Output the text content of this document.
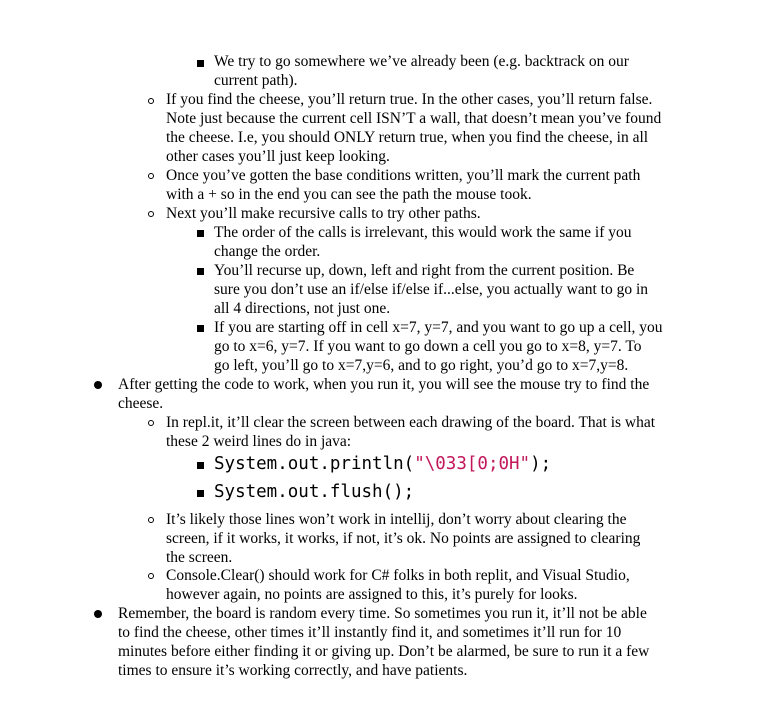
We try to go somewhere we’ve already been (e.g. backtrack on our
current path).
If you find the cheese, you’ll return true. In the other cases, you’ll return false.
Note just because the current cell ISN’T a wall, that doesn’t mean you’ve found
the cheese. I.e, you should ONLY return true, when you find the cheese, in all
other cases you’ll just keep looking.
Once you’ve gotten the base conditions written, you’ll mark the current path
with a + so in the end you can see the path the mouse took.
Next you’ll make recursive calls to try other paths.
The order of the calls is irrelevant, this would work the same if you
change the order.
You’ll recurse up, down, left and right from the current position. Be
sure you don’t use an if/else if/else if...else, you actually want to go in
all 4 directions, not just one.
If you are starting off in cell x=7, y=7, and you want to go up a cell, you
go to x=6, y=7. If you want to go down a cell you go to x=8, y=7. To
go left, you’ll go to x=7,y=6, and to go right, you’d go to x=7,y=8.
After getting the code to work, when you run it, you will see the mouse try to find the
cheese.
In repl.it, it’ll clear the screen between each drawing of the board. That is what
these 2 weird lines do in java:
System.out.println("\033[0;0H");
System.out.flush();
It’s likely those lines won’t work in intellij, don’t worry about clearing the
screen, if it works, it works, if not, it’s ok. No points are assigned to clearing
the screen.
Console.Clear() should work for C# folks in both replit, and Visual Studio,
however again, no points are assigned to this, it’s purely for looks.
Remember, the board is random every time. So sometimes you run it, it’ll not be able
to find the cheese, other times it’ll instantly find it, and sometimes it’ll run for 10
minutes before either finding it or giving up. Don’t be alarmed, be sure to run it a few
times to ensure it’s working correctly, and have patients.
